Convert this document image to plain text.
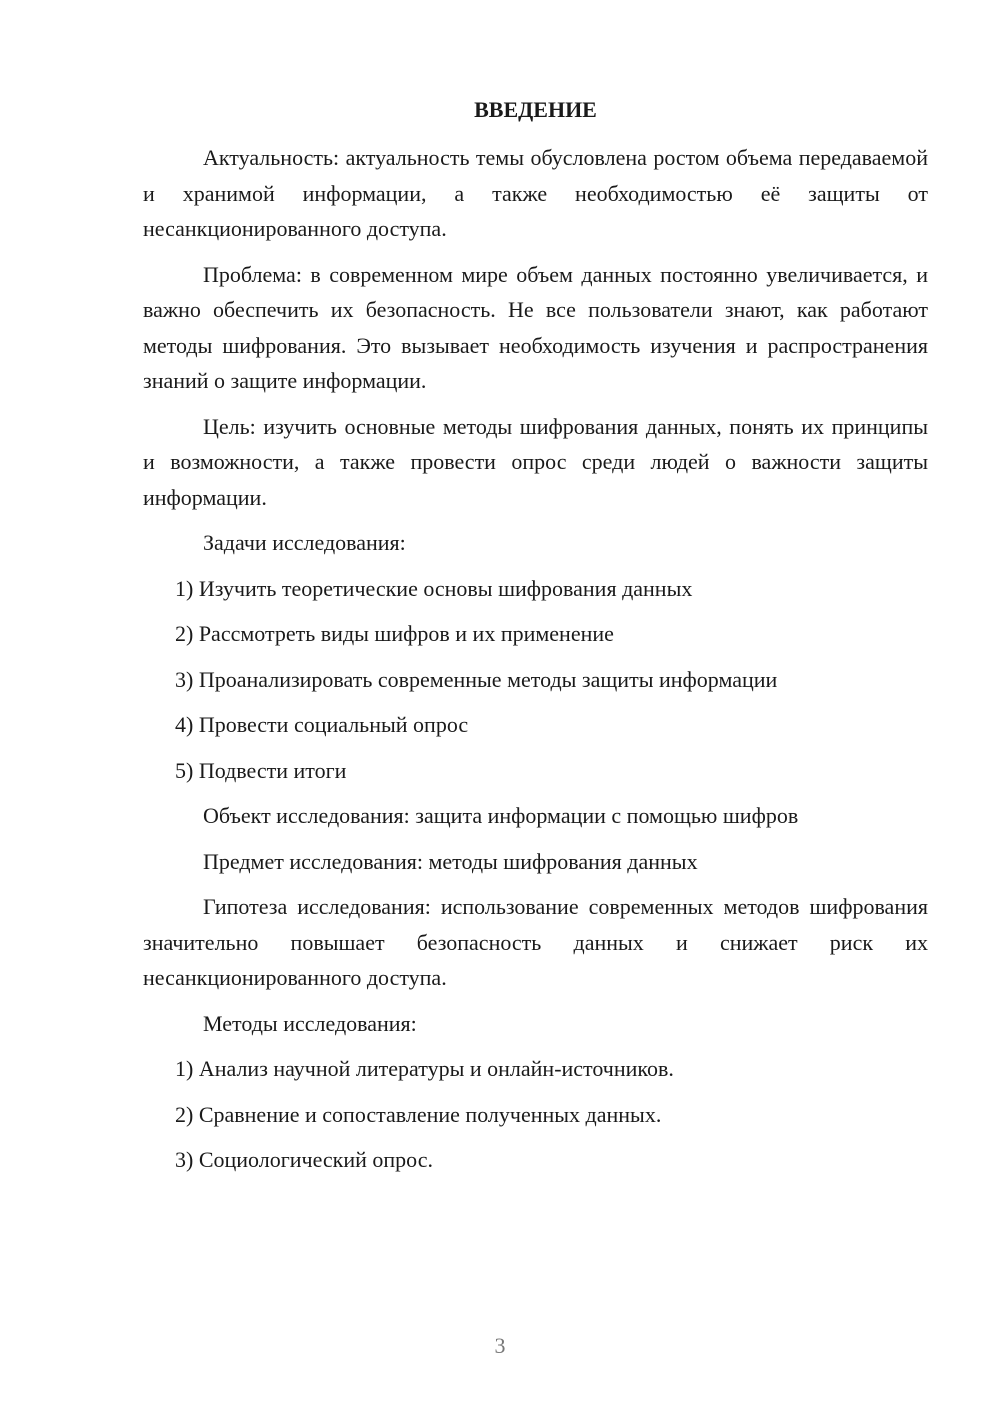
ВВЕДЕНИЕ

Актуальность: актуальность темы обусловлена ростом объема передаваемой и хранимой информации, а также необходимостью её защиты от несанкционированного доступа.

Проблема: в современном мире объем данных постоянно увеличивается, и важно обеспечить их безопасность. Не все пользователи знают, как работают методы шифрования. Это вызывает необходимость изучения и распространения знаний о защите информации.

Цель: изучить основные методы шифрования данных, понять их принципы и возможности, а также провести опрос среди людей о важности защиты информации.

Задачи исследования:
1) Изучить теоретические основы шифрования данных
2) Рассмотреть виды шифров и их применение
3) Проанализировать современные методы защиты информации
4) Провести социальный опрос
5) Подвести итоги
Объект исследования: защита информации с помощью шифров
Предмет исследования: методы шифрования данных

Гипотеза исследования: использование современных методов шифрования значительно повышает безопасность данных и снижает риск их несанкционированного доступа.

Методы исследования:
1) Анализ научной литературы и онлайн-источников.
2) Сравнение и сопоставление полученных данных.
3) Социологический опрос.
3
